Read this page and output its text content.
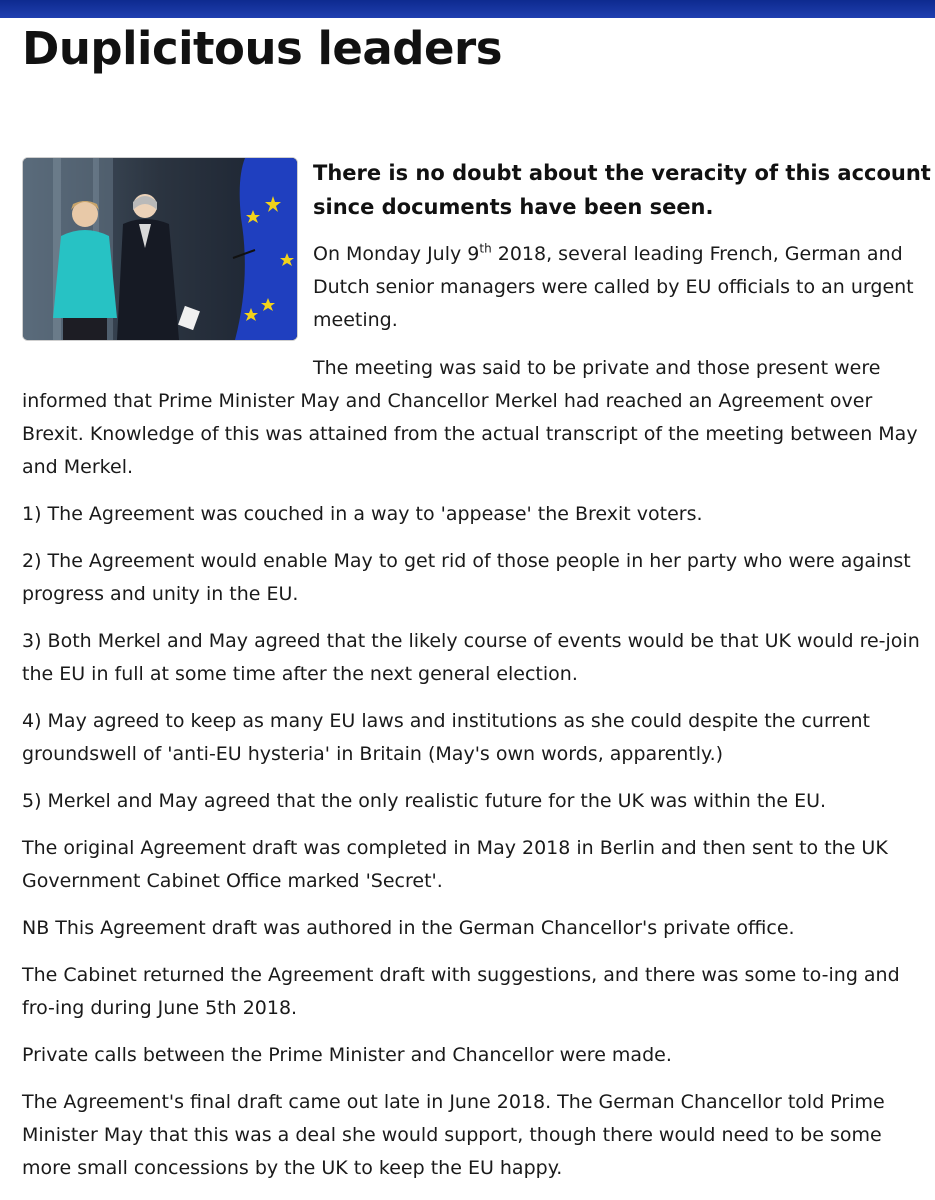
Duplicitous leaders
There is no doubt about the veracity of this account since documents have been seen.
On Monday July 9th 2018, several leading French, German and Dutch senior managers were called by EU officials to an urgent meeting.

The meeting was said to be private and those present were informed that Prime Minister May and Chancellor Merkel had reached an Agreement over Brexit. Knowledge of this was attained from the actual transcript of the meeting between May and Merkel.

1) The Agreement was couched in a way to 'appease' the Brexit voters.

2) The Agreement would enable May to get rid of those people in her party who were against progress and unity in the EU.

3) Both Merkel and May agreed that the likely course of events would be that UK would re-join the EU in full at some time after the next general election.

4) May agreed to keep as many EU laws and institutions as she could despite the current groundswell of 'anti-EU hysteria' in Britain (May's own words, apparently.)

5) Merkel and May agreed that the only realistic future for the UK was within the EU.

The original Agreement draft was completed in May 2018 in Berlin and then sent to the UK Government Cabinet Office marked 'Secret'.

NB This Agreement draft was authored in the German Chancellor's private office.

The Cabinet returned the Agreement draft with suggestions, and there was some to-ing and fro-ing during June 5th 2018.

Private calls between the Prime Minister and Chancellor were made.

The Agreement's final draft came out late in June 2018. The German Chancellor told Prime Minister May that this was a deal she would support, though there would need to be some more small concessions by the UK to keep the EU happy.
